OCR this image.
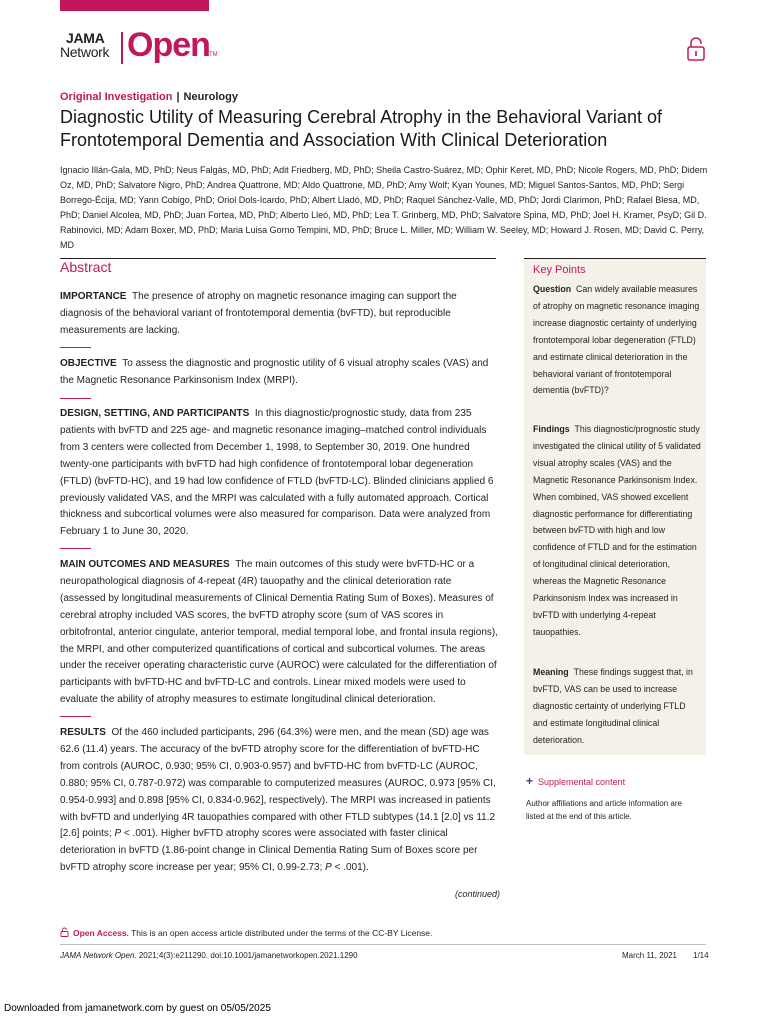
JAMA
Network Open TM
Original Investigation | Neurology
Diagnostic Utility of Measuring Cerebral Atrophy in the Behavioral Variant of Frontotemporal Dementia and Association With Clinical Deterioration

Ignacio Illán-Gala, MD, PhD; Neus Falgàs, MD, PhD; Adit Friedberg, MD, PhD; Sheila Castro-Suárez, MD; Ophir Keret, MD, PhD; Nicole Rogers, MD, PhD; Didem Oz, MD, PhD; Salvatore Nigro, PhD; Andrea Quattrone, MD; Aldo Quattrone, MD, PhD; Amy Wolf; Kyan Younes, MD; Miguel Santos-Santos, MD, PhD; Sergi Borrego-Écija, MD; Yann Cobigo, PhD; Oriol Dols-Icardo, PhD; Albert Lladó, MD, PhD; Raquel Sánchez-Valle, MD, PhD; Jordi Clarimon, PhD; Rafael Blesa, MD, PhD; Daniel Alcolea, MD, PhD; Juan Fortea, MD, PhD; Alberto Lleó, MD, PhD; Lea T. Grinberg, MD, PhD; Salvatore Spina, MD, PhD; Joel H. Kramer, PsyD; Gil D. Rabinovici, MD; Adam Boxer, MD, PhD; Maria Luisa Gorno Tempini, MD, PhD; Bruce L. Miller, MD; William W. Seeley, MD; Howard J. Rosen, MD; David C. Perry, MD

Abstract

IMPORTANCE The presence of atrophy on magnetic resonance imaging can support the diagnosis of the behavioral variant of frontotemporal dementia (bvFTD), but reproducible measurements are lacking.

OBJECTIVE To assess the diagnostic and prognostic utility of 6 visual atrophy scales (VAS) and the Magnetic Resonance Parkinsonism Index (MRPI).

DESIGN, SETTING, AND PARTICIPANTS In this diagnostic/prognostic study, data from 235 patients with bvFTD and 225 age- and magnetic resonance imaging–matched control individuals from 3 centers were collected from December 1, 1998, to September 30, 2019. One hundred twenty-one participants with bvFTD had high confidence of frontotemporal lobar degeneration (FTLD) (bvFTD-HC), and 19 had low confidence of FTLD (bvFTD-LC). Blinded clinicians applied 6 previously validated VAS, and the MRPI was calculated with a fully automated approach. Cortical thickness and subcortical volumes were also measured for comparison. Data were analyzed from February 1 to June 30, 2020.

MAIN OUTCOMES AND MEASURES The main outcomes of this study were bvFTD-HC or a neuropathological diagnosis of 4-repeat (4R) tauopathy and the clinical deterioration rate (assessed by longitudinal measurements of Clinical Dementia Rating Sum of Boxes). Measures of cerebral atrophy included VAS scores, the bvFTD atrophy score (sum of VAS scores in orbitofrontal, anterior cingulate, anterior temporal, medial temporal lobe, and frontal insula regions), the MRPI, and other computerized quantifications of cortical and subcortical volumes. The areas under the receiver operating characteristic curve (AUROC) were calculated for the differentiation of participants with bvFTD-HC and bvFTD-LC and controls. Linear mixed models were used to evaluate the ability of atrophy measures to estimate longitudinal clinical deterioration.

RESULTS Of the 460 included participants, 296 (64.3%) were men, and the mean (SD) age was 62.6 (11.4) years. The accuracy of the bvFTD atrophy score for the differentiation of bvFTD-HC from controls (AUROC, 0.930; 95% CI, 0.903-0.957) and bvFTD-HC from bvFTD-LC (AUROC, 0.880; 95% CI, 0.787-0.972) was comparable to computerized measures (AUROC, 0.973 [95% CI, 0.954-0.993] and 0.898 [95% CI, 0.834-0.962], respectively). The MRPI was increased in patients with bvFTD and underlying 4R tauopathies compared with other FTLD subtypes (14.1 [2.0] vs 11.2 [2.6] points; P < .001). Higher bvFTD atrophy scores were associated with faster clinical deterioration in bvFTD (1.86-point change in Clinical Dementia Rating Sum of Boxes score per bvFTD atrophy score increase per year; 95% CI, 0.99-2.73; P < .001).

(continued)
Key Points

Question Can widely available measures of atrophy on magnetic resonance imaging increase diagnostic certainty of underlying frontotemporal lobar degeneration (FTLD) and estimate clinical deterioration in the behavioral variant of frontotemporal dementia (bvFTD)?

Findings This diagnostic/prognostic study investigated the clinical utility of 5 validated visual atrophy scales (VAS) and the Magnetic Resonance Parkinsonism Index. When combined, VAS showed excellent diagnostic performance for differentiating between bvFTD with high and low confidence of FTLD and for the estimation of longitudinal clinical deterioration, whereas the Magnetic Resonance Parkinsonism Index was increased in bvFTD with underlying 4-repeat tauopathies.

Meaning These findings suggest that, in bvFTD, VAS can be used to increase diagnostic certainty of underlying FTLD and estimate longitudinal clinical deterioration.

+ Supplemental content

Author affiliations and article information are listed at the end of this article.

Open Access. This is an open access article distributed under the terms of the CC-BY License.
JAMA Network Open. 2021;4(3):e211290. doi:10.1001/jamanetworkopen.2021.1290	March 11, 2021 1/14
Downloaded from jamanetwork.com by guest on 05/05/2025
